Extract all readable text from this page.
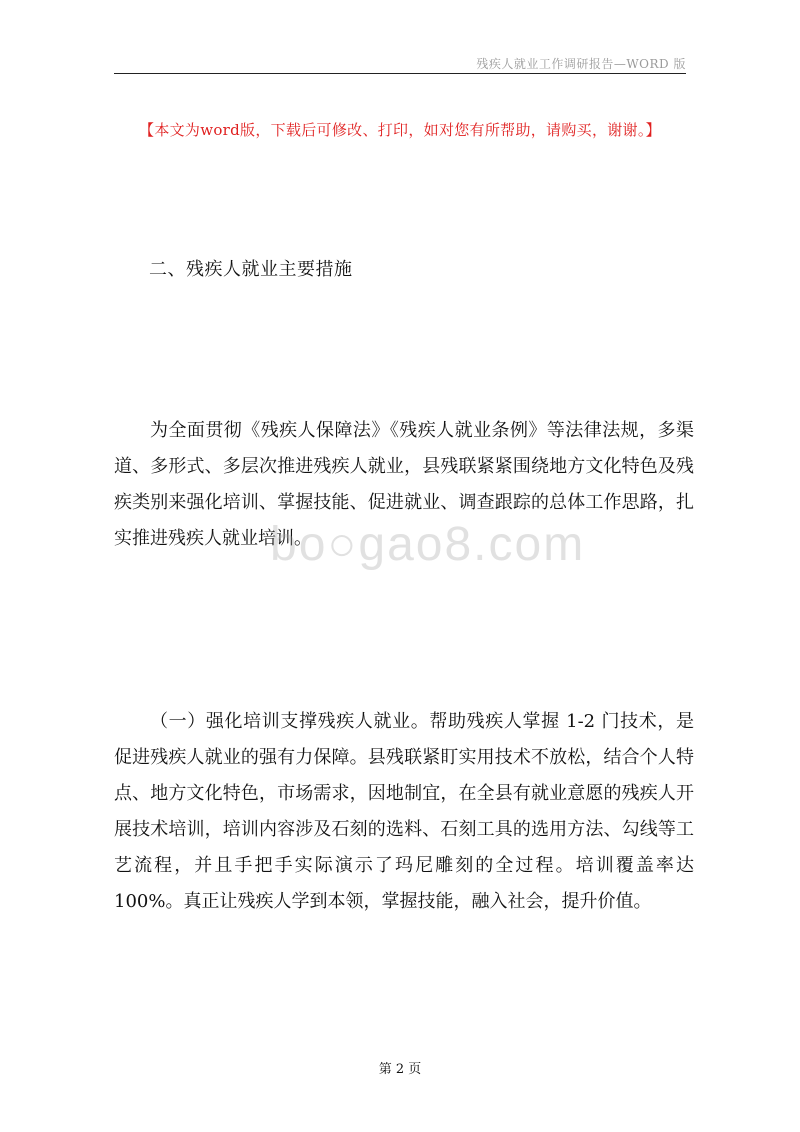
残疾人就业工作调研报告—WORD 版
【本文为word版，下载后可修改、打印，如对您有所帮助，请购买，谢谢。】
二、残疾人就业主要措施

为全面贯彻《残疾人保障法》《残疾人就业条例》等法律法规，多渠道、多形式、多层次推进残疾人就业，县残联紧紧围绕地方文化特色及残疾类别来强化培训、掌握技能、促进就业、调查跟踪的总体工作思路，扎实推进残疾人就业培训。

bo○gao8.com

（一）强化培训支撑残疾人就业。帮助残疾人掌握 1-2 门技术，是促进残疾人就业的强有力保障。县残联紧盯实用技术不放松，结合个人特点、地方文化特色，市场需求，因地制宜，在全县有就业意愿的残疾人开展技术培训，培训内容涉及石刻的选料、石刻工具的选用方法、勾线等工艺流程，并且手把手实际演示了玛尼雕刻的全过程。培训覆盖率达 100%。真正让残疾人学到本领，掌握技能，融入社会，提升价值。

第 2 页
